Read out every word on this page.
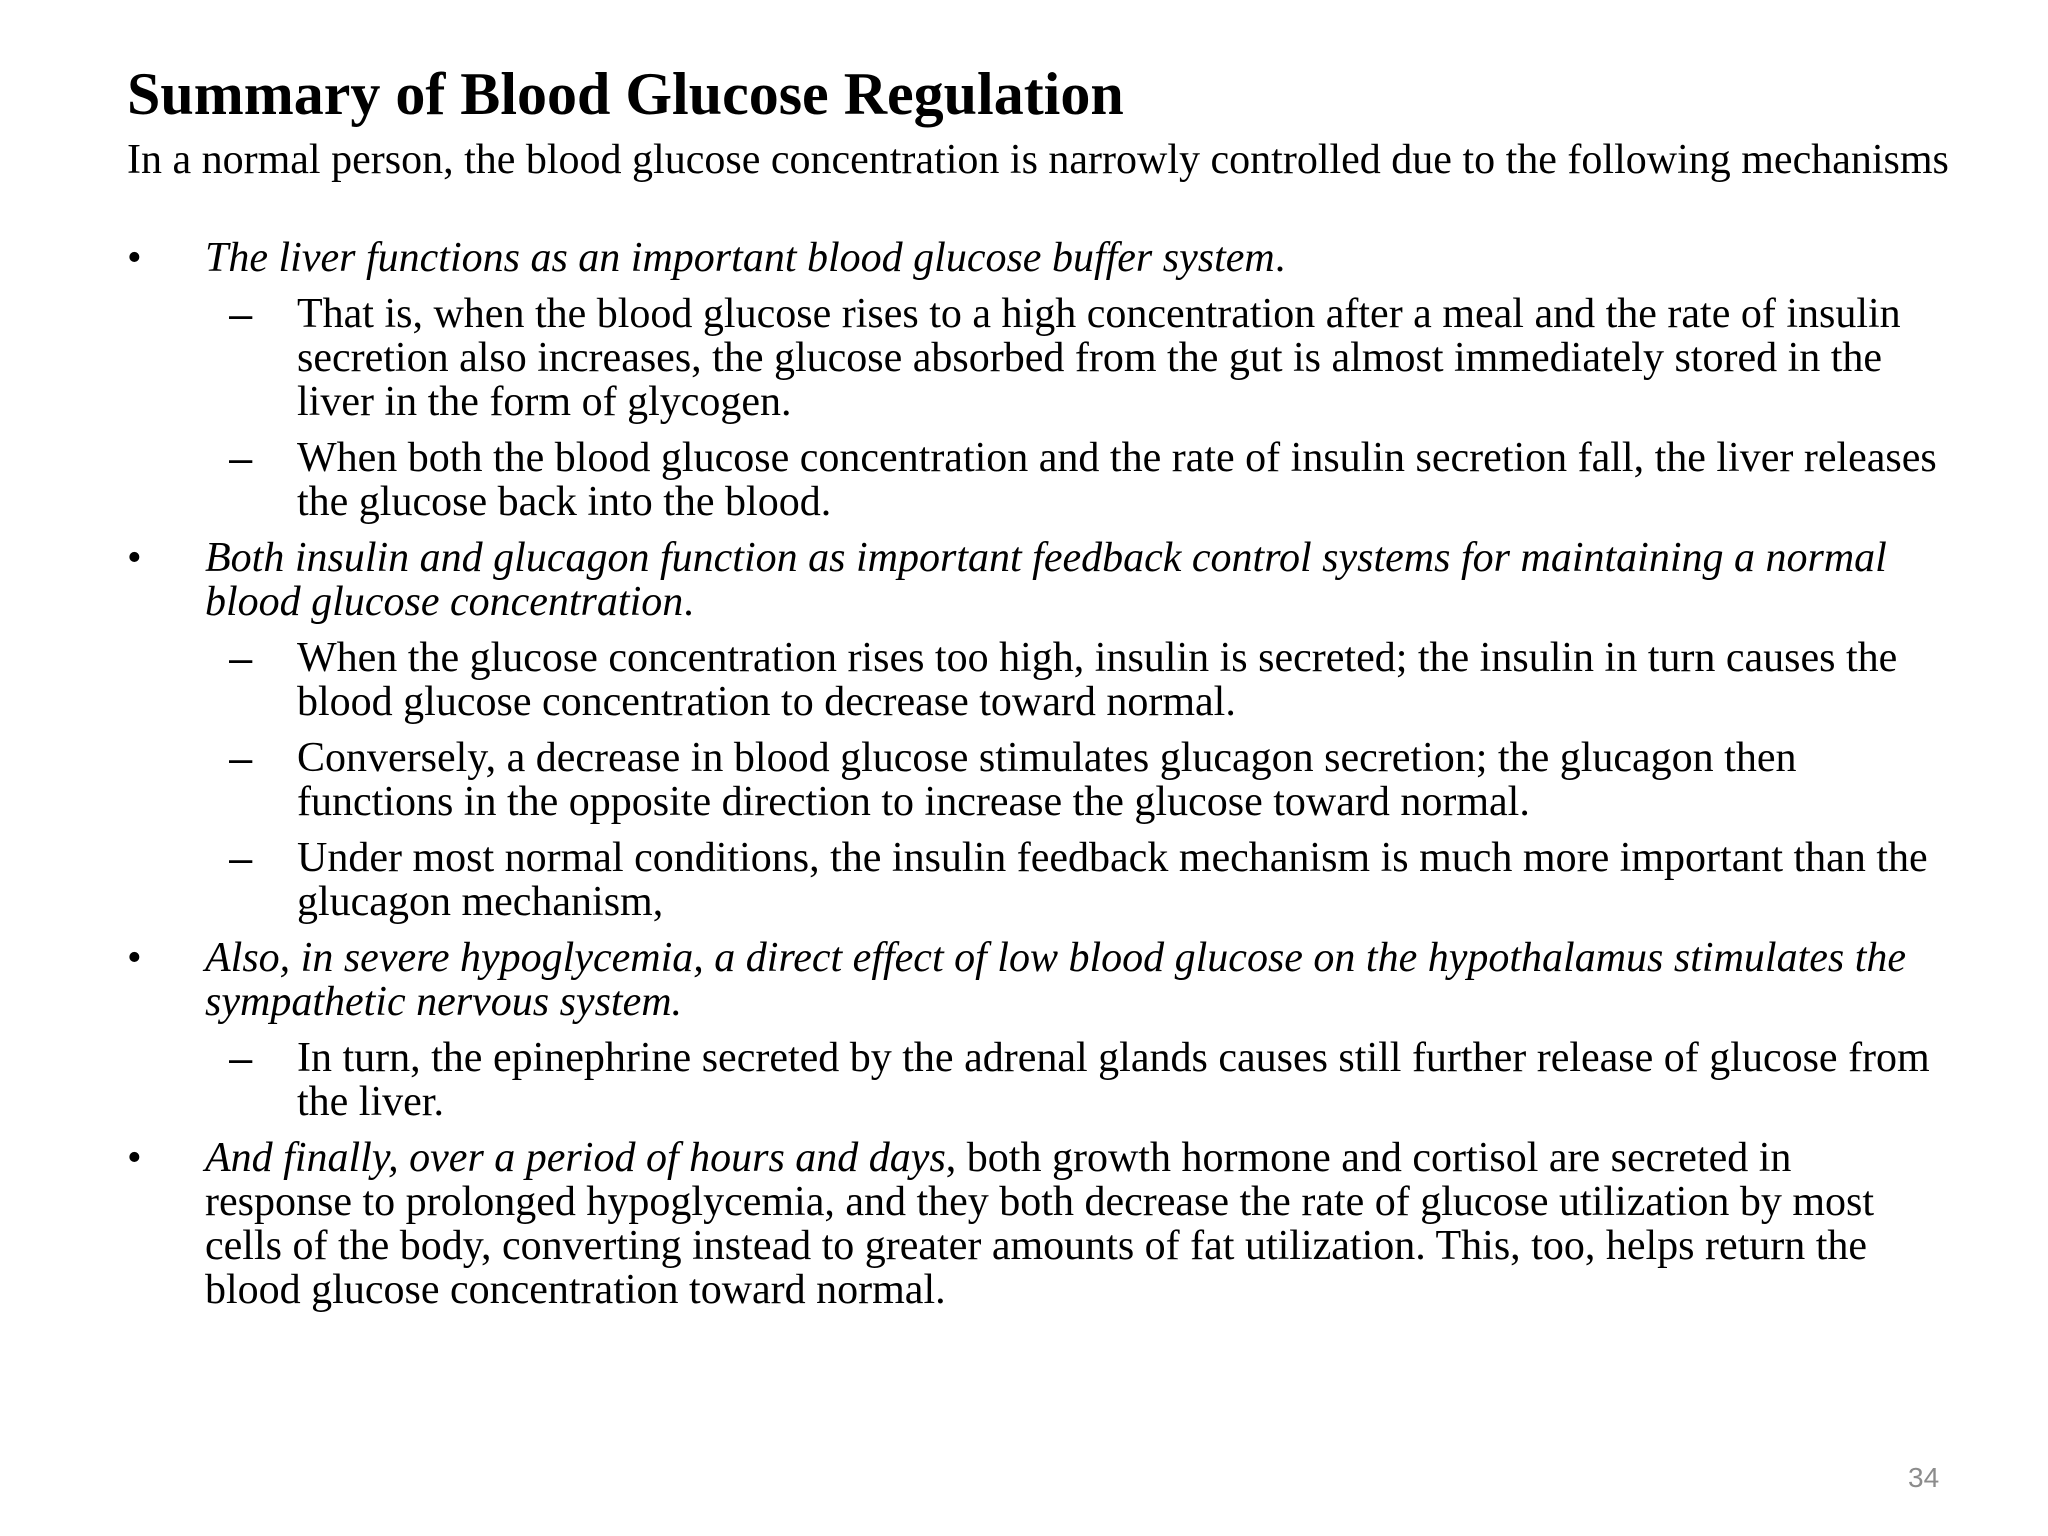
Summary of Blood Glucose Regulation

In a normal person, the blood glucose concentration is narrowly controlled due to the following mechanisms

• The liver functions as an important blood glucose buffer system.
– That is, when the blood glucose rises to a high concentration after a meal and the rate of insulin secretion also increases, the glucose absorbed from the gut is almost immediately stored in the liver in the form of glycogen.
– When both the blood glucose concentration and the rate of insulin secretion fall, the liver releases the glucose back into the blood.
• Both insulin and glucagon function as important feedback control systems for maintaining a normal blood glucose concentration.
– When the glucose concentration rises too high, insulin is secreted; the insulin in turn causes the blood glucose concentration to decrease toward normal.
– Conversely, a decrease in blood glucose stimulates glucagon secretion; the glucagon then functions in the opposite direction to increase the glucose toward normal.
– Under most normal conditions, the insulin feedback mechanism is much more important than the glucagon mechanism,
• Also, in severe hypoglycemia, a direct effect of low blood glucose on the hypothalamus stimulates the sympathetic nervous system.
– In turn, the epinephrine secreted by the adrenal glands causes still further release of glucose from the liver.
• And finally, over a period of hours and days, both growth hormone and cortisol are secreted in response to prolonged hypoglycemia, and they both decrease the rate of glucose utilization by most cells of the body, converting instead to greater amounts of fat utilization. This, too, helps return the blood glucose concentration toward normal.
34
